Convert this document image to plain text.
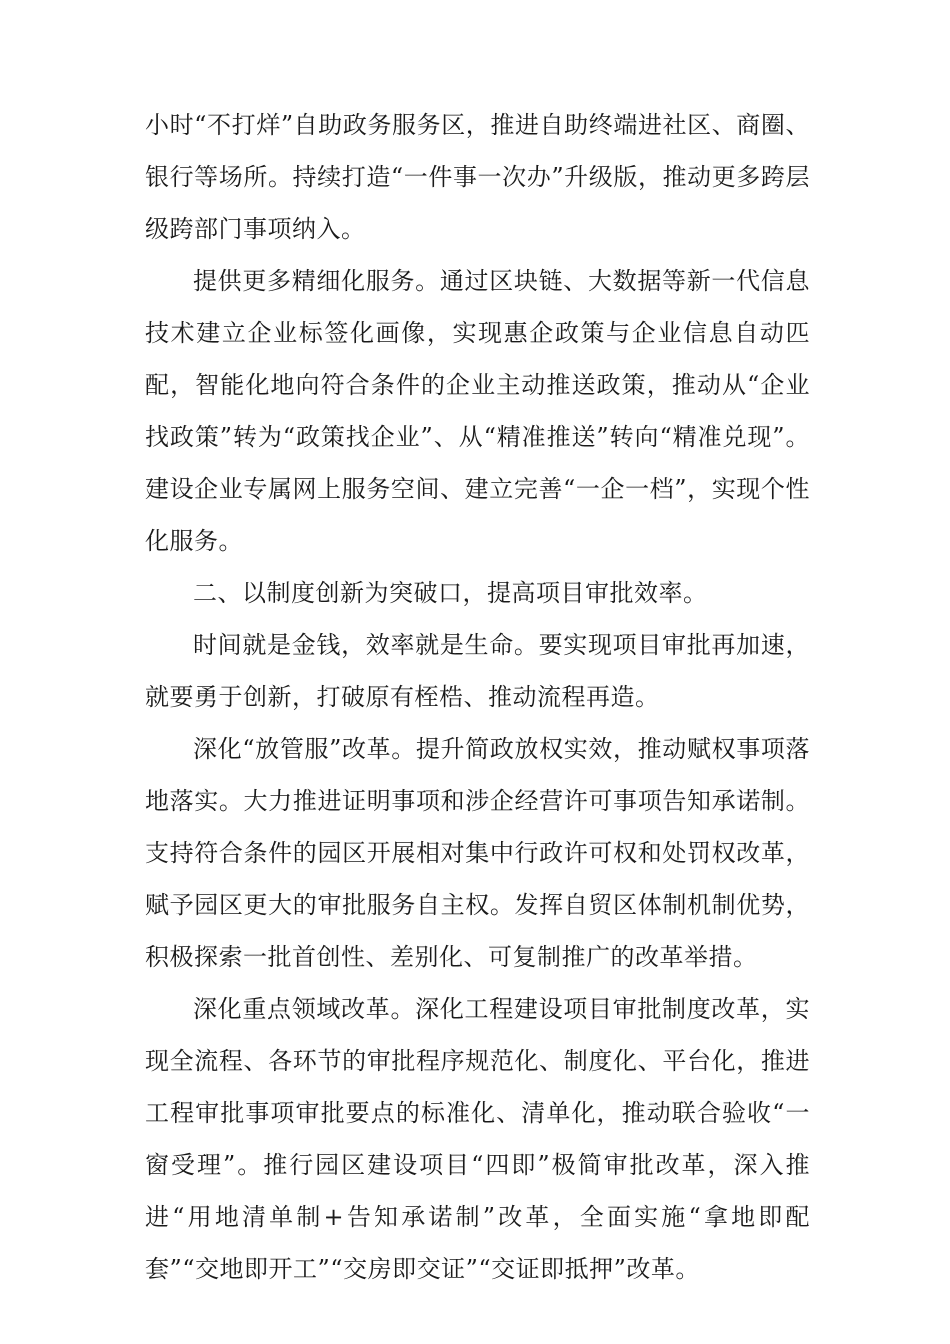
小时“不打烊”自助政务服务区，推进自助终端进社区、商圈、银行等场所。持续打造“一件事一次办”升级版，推动更多跨层级跨部门事项纳入。

提供更多精细化服务。通过区块链、大数据等新一代信息技术建立企业标签化画像，实现惠企政策与企业信息自动匹配，智能化地向符合条件的企业主动推送政策，推动从“企业找政策”转为“政策找企业”、从“精准推送”转向“精准兑现”。建设企业专属网上服务空间、建立完善“一企一档”，实现个性化服务。

二、以制度创新为突破口，提高项目审批效率。

时间就是金钱，效率就是生命。要实现项目审批再加速，就要勇于创新，打破原有桎梏、推动流程再造。

深化“放管服”改革。提升简政放权实效，推动赋权事项落地落实。大力推进证明事项和涉企经营许可事项告知承诺制。支持符合条件的园区开展相对集中行政许可权和处罚权改革，赋予园区更大的审批服务自主权。发挥自贸区体制机制优势，积极探索一批首创性、差别化、可复制推广的改革举措。

深化重点领域改革。深化工程建设项目审批制度改革，实现全流程、各环节的审批程序规范化、制度化、平台化，推进工程审批事项审批要点的标准化、清单化，推动联合验收“一窗受理”。推行园区建设项目“四即”极简审批改革，深入推进“用地清单制+告知承诺制”改革，全面实施“拿地即配套”“交地即开工”“交房即交证”“交证即抵押”改革。
